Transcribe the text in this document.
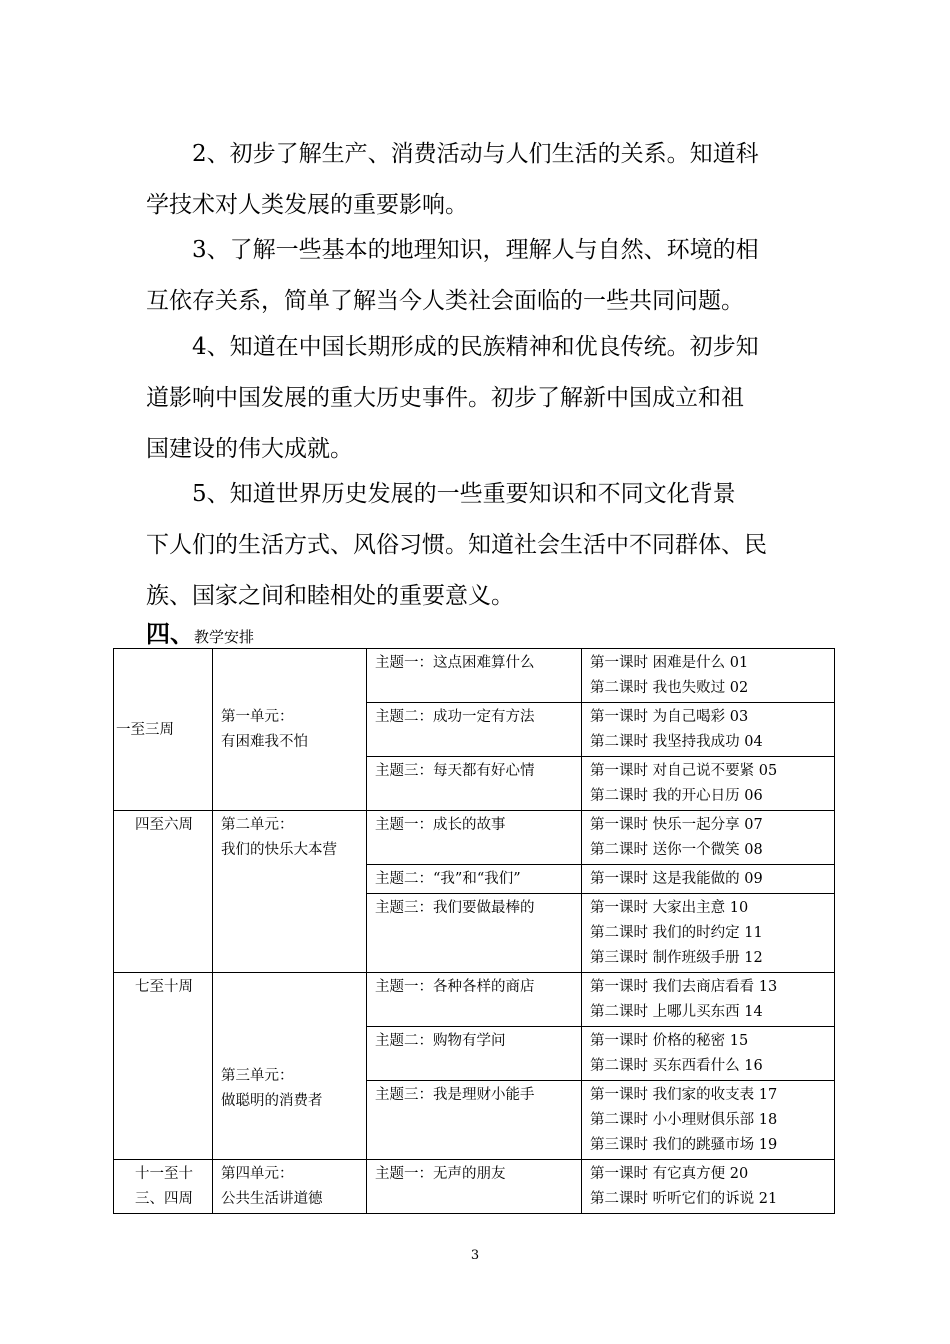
　　2、初步了解生产、消费活动与人们生活的关系。知道科
学技术对人类发展的重要影响。
　　3、了解一些基本的地理知识，理解人与自然、环境的相
互依存关系，简单了解当今人类社会面临的一些共同问题。
　　4、知道在中国长期形成的民族精神和优良传统。初步知
道影响中国发展的重大历史事件。初步了解新中国成立和祖
国建设的伟大成就。
　　5、知道世界历史发展的一些重要知识和不同文化背景
下人们的生活方式、风俗习惯。知道社会生活中不同群体、民
族、国家之间和睦相处的重要意义。
四、教学安排
一至三周	第一单元：
有困难我不怕	主题一：这点困难算什么	第一课时 困难是什么 01
第二课时 我也失败过 02

		主题二：成功一定有方法	第一课时 为自己喝彩 03
第二课时 我坚持我成功 04

		主题三：每天都有好心情	第一课时 对自己说不要紧 05
第二课时 我的开心日历 06

四至六周	第二单元：
我们的快乐大本营	主题一：成长的故事	第一课时 快乐一起分享 07
第二课时 送你一个微笑 08

		主题二：“我”和“我们”	第一课时 这是我能做的 09

		主题三：我们要做最棒的	第一课时 大家出主意 10
第二课时 我们的时约定 11
第三课时 制作班级手册 12

七至十周	第三单元：
做聪明的消费者	主题一：各种各样的商店	第一课时 我们去商店看看 13
第二课时 上哪儿买东西 14

		主题二：购物有学问	第一课时 价格的秘密 15
第二课时 买东西看什么 16

		主题三：我是理财小能手	第一课时 我们家的收支表 17
第二课时 小小理财俱乐部 18
第三课时 我们的跳骚市场 19

十一至十
三、四周	第四单元：
公共生活讲道德	主题一：无声的朋友	第一课时 有它真方便 20
第二课时 听听它们的诉说 21
3
